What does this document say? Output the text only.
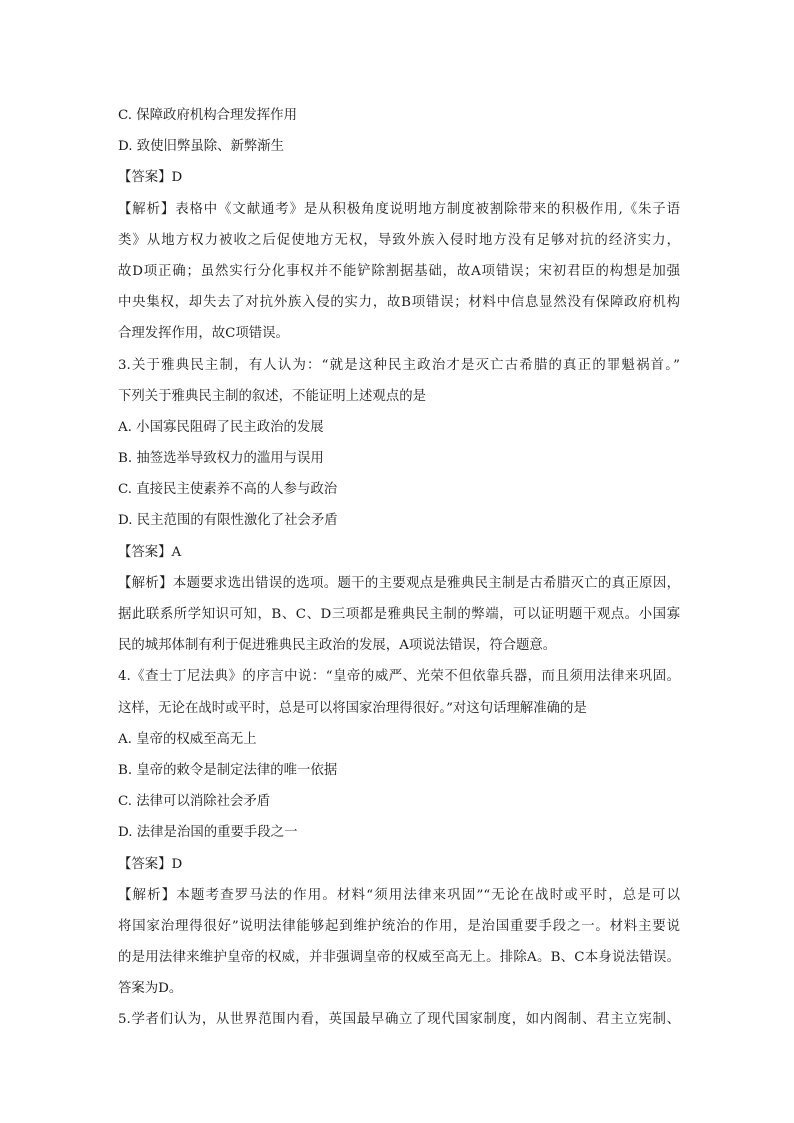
C. 保障政府机构合理发挥作用
D. 致使旧弊虽除、新弊渐生
【答案】D
【解析】表格中《文献通考》是从积极角度说明地方制度被割除带来的积极作用,《朱子语
类》从地方权力被收之后促使地方无权，导致外族入侵时地方没有足够对抗的经济实力，
故D项正确；虽然实行分化事权并不能铲除割据基础，故A项错误；宋初君臣的构想是加强
中央集权，却失去了对抗外族入侵的实力，故B项错误；材料中信息显然没有保障政府机构
合理发挥作用，故C项错误。
3.关于雅典民主制，有人认为：“就是这种民主政治才是灭亡古希腊的真正的罪魁祸首。”
下列关于雅典民主制的叙述，不能证明上述观点的是
A. 小国寡民阻碍了民主政治的发展
B. 抽签选举导致权力的滥用与误用
C. 直接民主使素养不高的人参与政治
D. 民主范围的有限性激化了社会矛盾
【答案】A
【解析】本题要求选出错误的选项。题干的主要观点是雅典民主制是古希腊灭亡的真正原因，
据此联系所学知识可知，B、C、D三项都是雅典民主制的弊端，可以证明题干观点。小国寡
民的城邦体制有利于促进雅典民主政治的发展，A项说法错误，符合题意。
4.《查士丁尼法典》的序言中说：“皇帝的威严、光荣不但依靠兵器，而且须用法律来巩固。
这样，无论在战时或平时，总是可以将国家治理得很好。”对这句话理解准确的是
A. 皇帝的权威至高无上
B. 皇帝的敕令是制定法律的唯一依据
C. 法律可以消除社会矛盾
D. 法律是治国的重要手段之一
【答案】D
【解析】本题考查罗马法的作用。材料“须用法律来巩固”“无论在战时或平时，总是可以
将国家治理得很好”说明法律能够起到维护统治的作用，是治国重要手段之一。材料主要说
的是用法律来维护皇帝的权威，并非强调皇帝的权威至高无上。排除A。B、C本身说法错误。
答案为D。
5.学者们认为，从世界范围内看，英国最早确立了现代国家制度，如内阁制、君主立宪制、
